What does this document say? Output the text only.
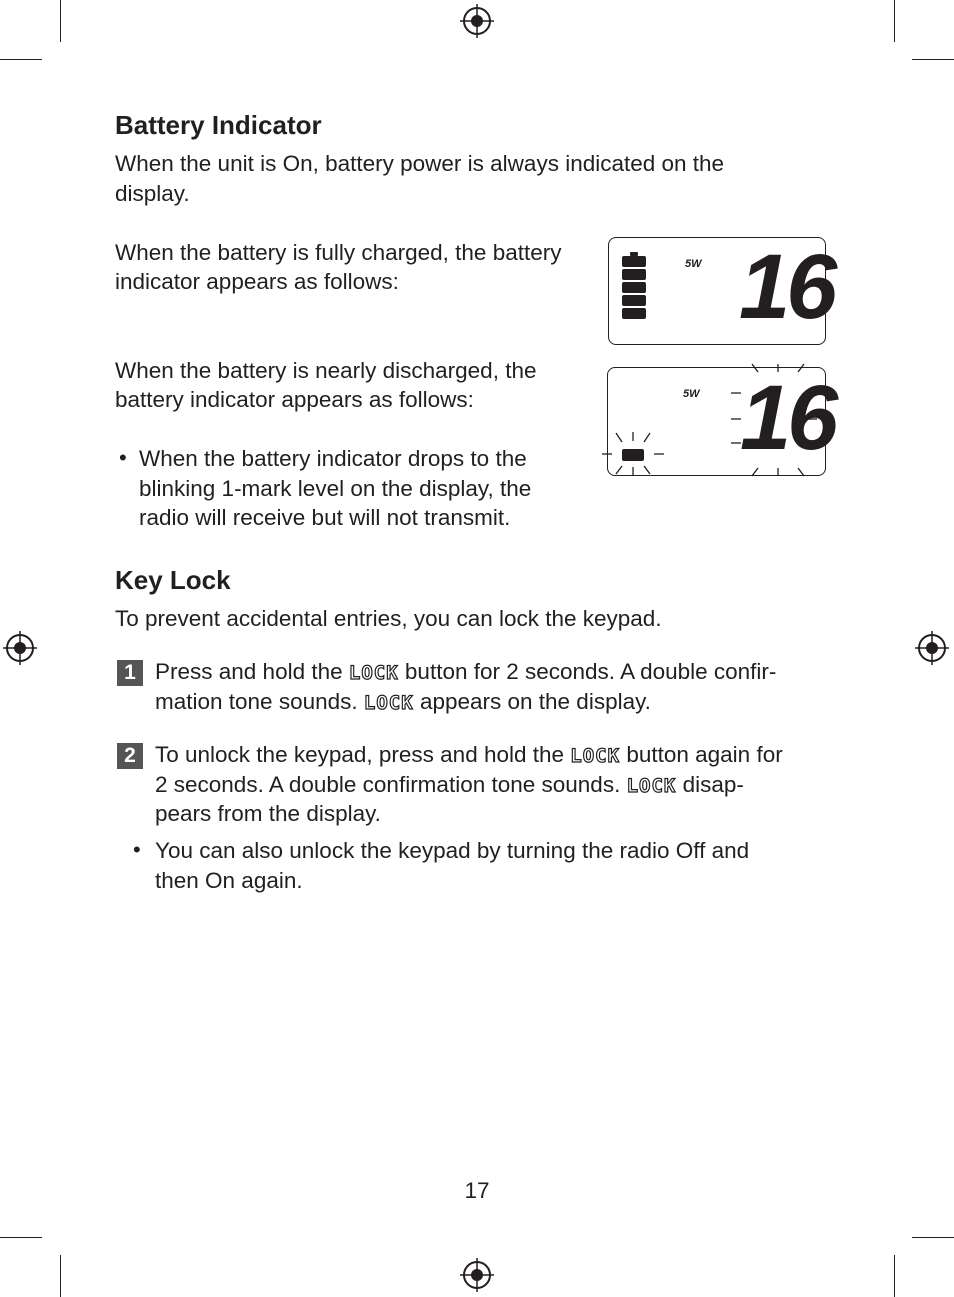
Battery Indicator

When the unit is On, battery power is always indicated on the

display.

When the battery is fully charged, the battery

indicator appears as follows:

5W 16

When the battery is nearly discharged, the

battery indicator appears as follows:	5W 16
• When the battery indicator drops to the

blinking 1-mark level on the display, the

radio will receive but will not transmit.

Key Lock

To prevent accidental entries, you can lock the keypad.

1 Press and hold the LOCK button for 2 seconds. A double confir-

mation tone sounds. LOCK appears on the display.

2 To unlock the keypad, press and hold the LOCK button again for

2 seconds. A double confirmation tone sounds. LOCK disap-

pears from the display.

• You can also unlock the keypad by turning the radio Off and

then On again.

17
